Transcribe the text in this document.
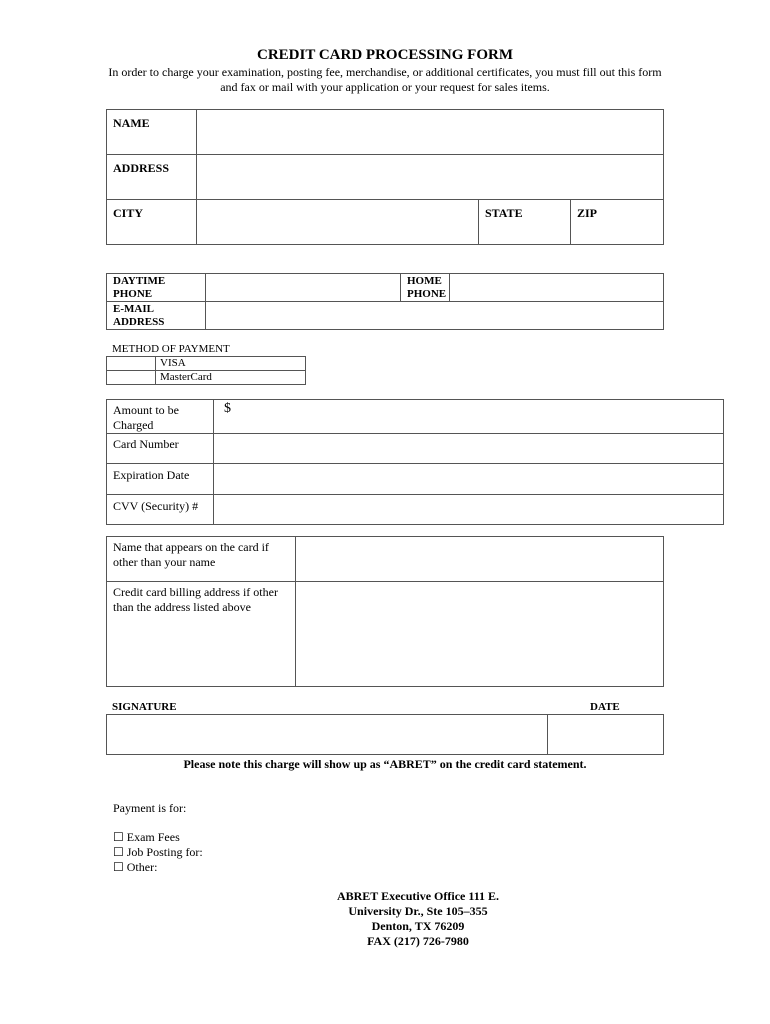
CREDIT CARD PROCESSING FORM
In order to charge your examination, posting fee, merchandise, or additional certificates, you must fill out this form and fax or mail with your application or your request for sales items.
NAME			

ADDRESS			

CITY		STATE	ZIP
DAYTIME
PHONE		HOME
PHONE	

E-MAIL
ADDRESS			

METHOD OF PAYMENT
	VISA
	MasterCard
Amount to be Charged	$

Card Number	

Expiration Date	

CVV (Security) #	

Name that appears on the card if other than your name	

Credit card billing address if other than the address listed above	

SIGNATURE	DATE

Please note this charge will show up as “ABRET” on the credit card statement.
Payment is for:
☐ Exam Fees
☐ Job Posting for:
☐ Other:
ABRET Executive Office 111 E.
University Dr., Ste 105–355
Denton, TX 76209
FAX (217) 726-7980
